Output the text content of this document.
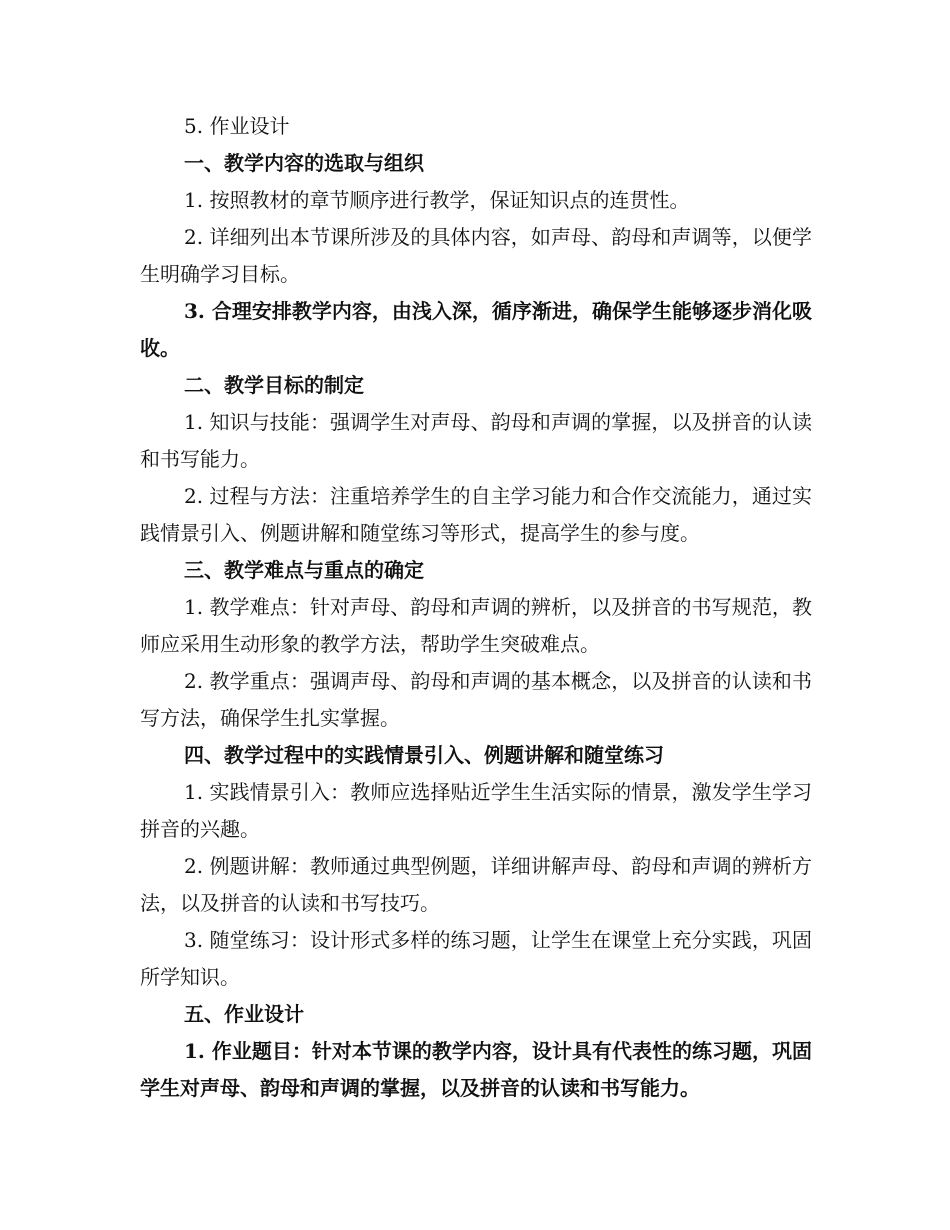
5. 作业设计

一、教学内容的选取与组织

1. 按照教材的章节顺序进行教学，保证知识点的连贯性。

2. 详细列出本节课所涉及的具体内容，如声母、韵母和声调等，以便学生明确学习目标。

3. 合理安排教学内容，由浅入深，循序渐进，确保学生能够逐步消化吸收。

二、教学目标的制定

1. 知识与技能：强调学生对声母、韵母和声调的掌握，以及拼音的认读和书写能力。

2. 过程与方法：注重培养学生的自主学习能力和合作交流能力，通过实践情景引入、例题讲解和随堂练习等形式，提高学生的参与度。

三、教学难点与重点的确定

1. 教学难点：针对声母、韵母和声调的辨析，以及拼音的书写规范，教师应采用生动形象的教学方法，帮助学生突破难点。

2. 教学重点：强调声母、韵母和声调的基本概念，以及拼音的认读和书写方法，确保学生扎实掌握。

四、教学过程中的实践情景引入、例题讲解和随堂练习

1. 实践情景引入：教师应选择贴近学生生活实际的情景，激发学生学习拼音的兴趣。

2. 例题讲解：教师通过典型例题，详细讲解声母、韵母和声调的辨析方法，以及拼音的认读和书写技巧。

3. 随堂练习：设计形式多样的练习题，让学生在课堂上充分实践，巩固所学知识。

五、作业设计

1. 作业题目：针对本节课的教学内容，设计具有代表性的练习题，巩固学生对声母、韵母和声调的掌握，以及拼音的认读和书写能力。
